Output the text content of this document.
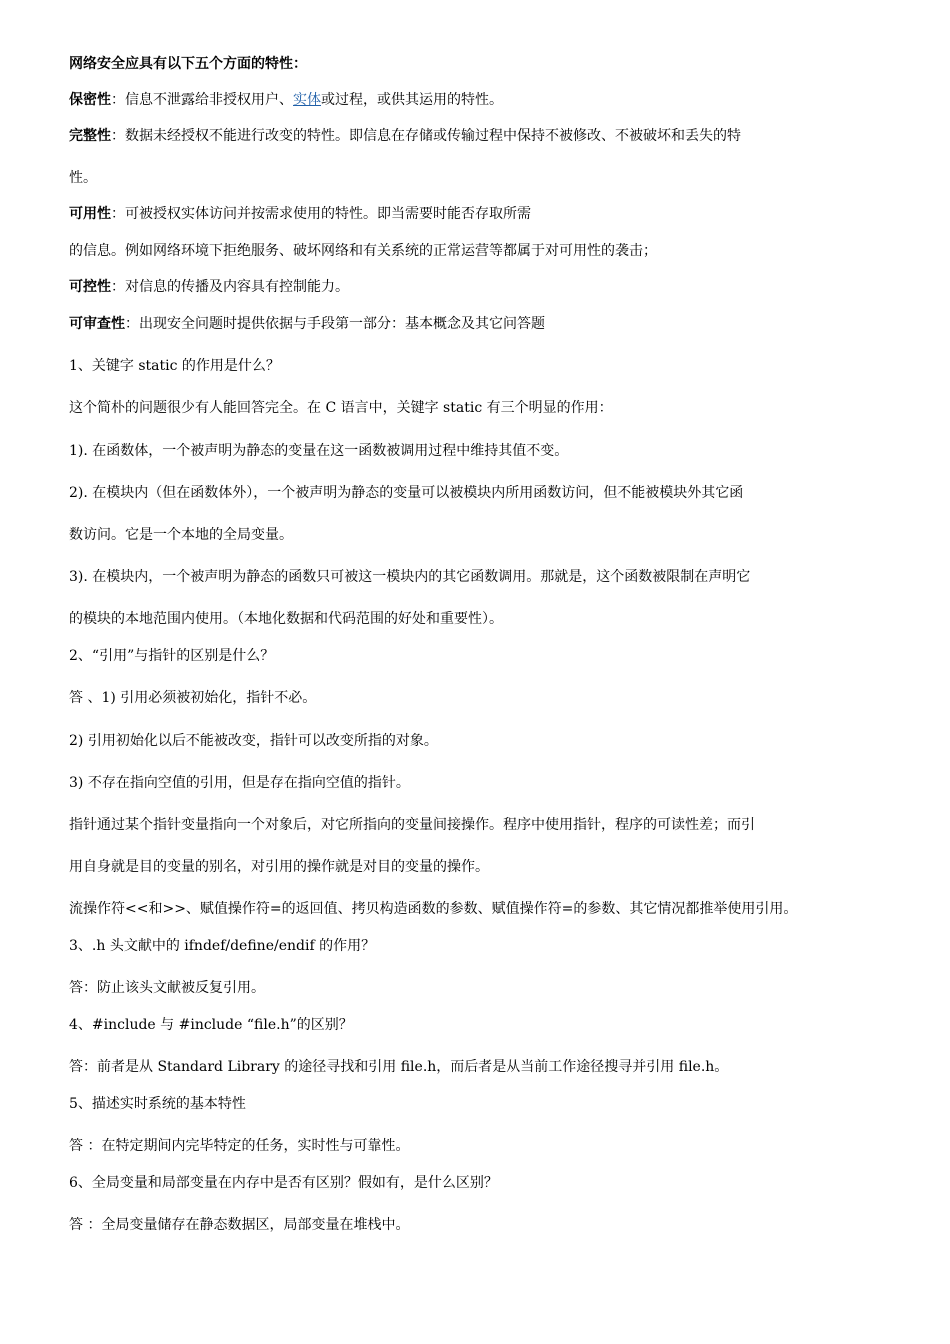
网络安全应具有以下五个方面的特性：
保密性：信息不泄露给非授权用户、实体或过程，或供其运用的特性。
完整性：数据未经授权不能进行改变的特性。即信息在存储或传输过程中保持不被修改、不被破坏和丢失的特
性。
可用性：可被授权实体访问并按需求使用的特性。即当需要时能否存取所需
的信息。例如网络环境下拒绝服务、破坏网络和有关系统的正常运营等都属于对可用性的袭击；
可控性：对信息的传播及内容具有控制能力。
可审查性：出现安全问题时提供依据与手段第一部分：基本概念及其它问答题
1、关键字 static 的作用是什么？
这个简朴的问题很少有人能回答完全。在 C 语言中，关键字 static 有三个明显的作用：
1). 在函数体，一个被声明为静态的变量在这一函数被调用过程中维持其值不变。
2). 在模块内（但在函数体外），一个被声明为静态的变量可以被模块内所用函数访问，但不能被模块外其它函
数访问。它是一个本地的全局变量。
3). 在模块内，一个被声明为静态的函数只可被这一模块内的其它函数调用。那就是，这个函数被限制在声明它
的模块的本地范围内使用。（本地化数据和代码范围的好处和重要性）。
2、“引用”与指针的区别是什么？
答 、1) 引用必须被初始化，指针不必。
2) 引用初始化以后不能被改变，指针可以改变所指的对象。
3) 不存在指向空值的引用，但是存在指向空值的指针。
指针通过某个指针变量指向一个对象后，对它所指向的变量间接操作。程序中使用指针，程序的可读性差；而引
用自身就是目的变量的别名，对引用的操作就是对目的变量的操作。
流操作符<<和>>、赋值操作符=的返回值、拷贝构造函数的参数、赋值操作符=的参数、其它情况都推举使用引用。
3、.h 头文献中的 ifndef/define/endif 的作用？
答：防止该头文献被反复引用。
4、#include 与 #include “file.h”的区别？
答：前者是从 Standard Library 的途径寻找和引用 file.h，而后者是从当前工作途径搜寻并引用 file.h。
5、描述实时系统的基本特性
答 ：在特定期间内完毕特定的任务，实时性与可靠性。
6、全局变量和局部变量在内存中是否有区别？假如有，是什么区别？
答 ：全局变量储存在静态数据区，局部变量在堆栈中。
